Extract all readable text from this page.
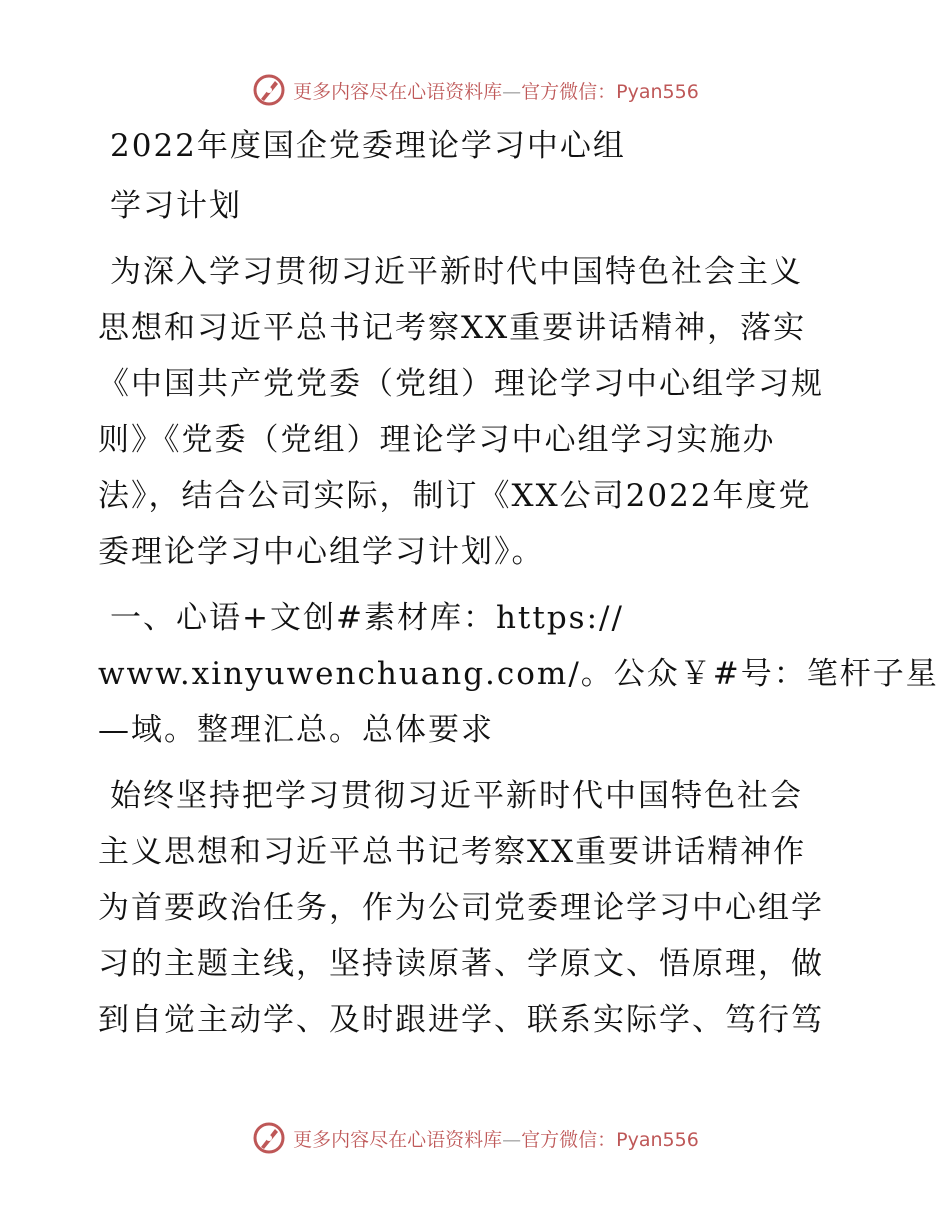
更多内容尽在心语资料库—官方微信：Pyan556
2022年度国企党委理论学习中心组
学习计划
为深入学习贯彻习近平新时代中国特色社会主义
思想和习近平总书记考察XX重要讲话精神，落实
《中国共产党党委（党组）理论学习中心组学习规
则》《党委（党组）理论学习中心组学习实施办
法》，结合公司实际，制订《XX公司2022年度党
委理论学习中心组学习计划》。
一、心语+文创#素材库：https://
www.xinyuwenchuang.com/。公众￥#号：笔杆子星
—域。整理汇总。总体要求
始终坚持把学习贯彻习近平新时代中国特色社会
主义思想和习近平总书记考察XX重要讲话精神作
为首要政治任务，作为公司党委理论学习中心组学
习的主题主线，坚持读原著、学原文、悟原理，做
到自觉主动学、及时跟进学、联系实际学、笃行笃
更多内容尽在心语资料库—官方微信：Pyan556
